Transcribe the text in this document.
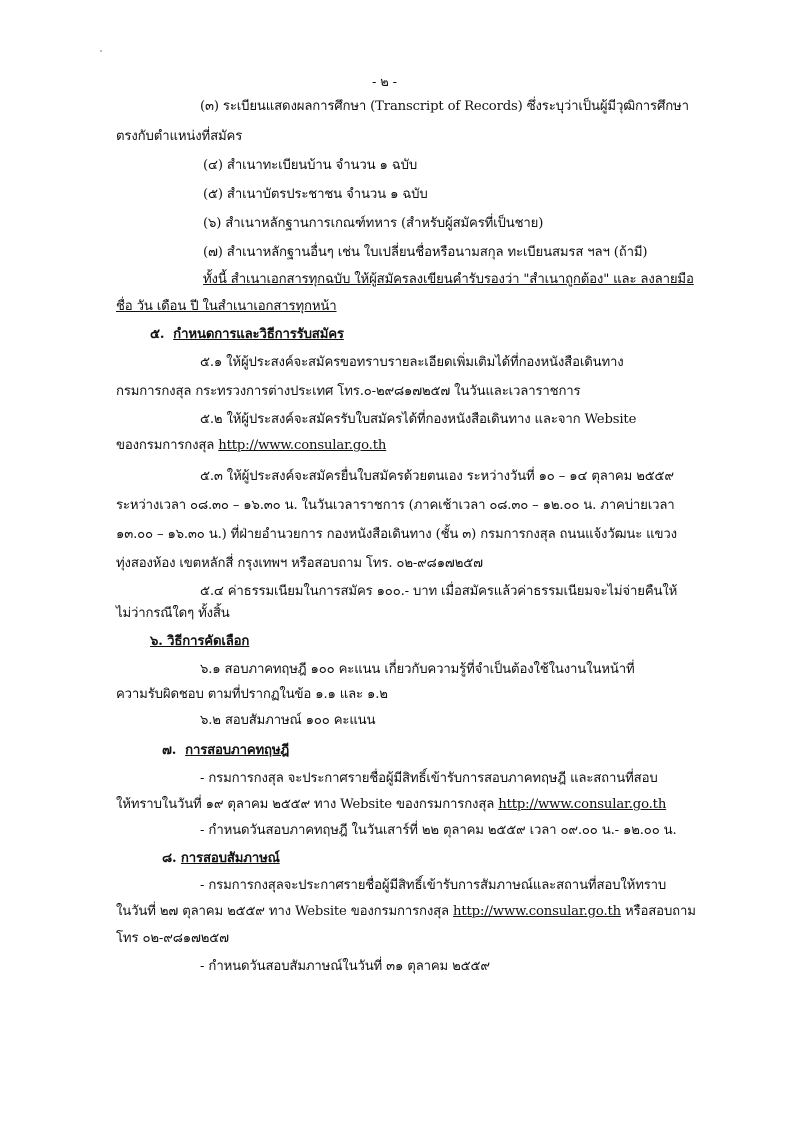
- ๒ -
(๓) ระเบียนแสดงผลการศึกษา (Transcript of Records) ซึ่งระบุว่าเป็นผู้มีวุฒิการศึกษา
ตรงกับตำแหน่งที่สมัคร
(๔) สำเนาทะเบียนบ้าน จำนวน ๑ ฉบับ
(๕) สำเนาบัตรประชาชน จำนวน ๑ ฉบับ
(๖) สำเนาหลักฐานการเกณฑ์ทหาร (สำหรับผู้สมัครที่เป็นชาย)
(๗) สำเนาหลักฐานอื่นๆ เช่น ใบเปลี่ยนชื่อหรือนามสกุล ทะเบียนสมรส ฯลฯ (ถ้ามี)
ทั้งนี้ สำเนาเอกสารทุกฉบับ ให้ผู้สมัครลงเขียนคำรับรองว่า "สำเนาถูกต้อง" และ ลงลายมือ
ชื่อ วัน เดือน ปี ในสำเนาเอกสารทุกหน้า
๕. กำหนดการและวิธีการรับสมัคร
๕.๑ ให้ผู้ประสงค์จะสมัครขอทราบรายละเอียดเพิ่มเติมได้ที่กองหนังสือเดินทาง
กรมการกงสุล กระทรวงการต่างประเทศ โทร.๐-๒๙๘๑๗๒๕๗ ในวันและเวลาราชการ
๕.๒ ให้ผู้ประสงค์จะสมัครรับใบสมัครได้ที่กองหนังสือเดินทาง และจาก Website
ของกรมการกงสุล http://www.consular.go.th
๕.๓ ให้ผู้ประสงค์จะสมัครยื่นใบสมัครด้วยตนเอง ระหว่างวันที่ ๑๐ – ๑๔ ตุลาคม ๒๕๕๙
ระหว่างเวลา ๐๘.๓๐ – ๑๖.๓๐ น. ในวันเวลาราชการ (ภาคเช้าเวลา ๐๘.๓๐ – ๑๒.๐๐ น. ภาคบ่ายเวลา
๑๓.๐๐ – ๑๖.๓๐ น.) ที่ฝ่ายอำนวยการ กองหนังสือเดินทาง (ชั้น ๓) กรมการกงสุล ถนนแจ้งวัฒนะ แขวง
ทุ่งสองห้อง เขตหลักสี่ กรุงเทพฯ หรือสอบถาม โทร. ๐๒-๙๘๑๗๒๕๗
๕.๔ ค่าธรรมเนียมในการสมัคร ๑๐๐.- บาท เมื่อสมัครแล้วค่าธรรมเนียมจะไม่จ่ายคืนให้
ไม่ว่ากรณีใดๆ ทั้งสิ้น
๖. วิธีการคัดเลือก
๖.๑ สอบภาคทฤษฎี ๑๐๐ คะแนน เกี่ยวกับความรู้ที่จำเป็นต้องใช้ในงานในหน้าที่
ความรับผิดชอบ ตามที่ปรากฏในข้อ ๑.๑ และ ๑.๒
๖.๒ สอบสัมภาษณ์ ๑๐๐ คะแนน
๗. การสอบภาคทฤษฎี
- กรมการกงสุล จะประกาศรายชื่อผู้มีสิทธิ์เข้ารับการสอบภาคทฤษฎี และสถานที่สอบ
ให้ทราบในวันที่ ๑๙ ตุลาคม ๒๕๕๙ ทาง Website ของกรมการกงสุล http://www.consular.go.th
- กำหนดวันสอบภาคทฤษฎี ในวันเสาร์ที่ ๒๒ ตุลาคม ๒๕๕๙ เวลา ๐๙.๐๐ น.- ๑๒.๐๐ น.
๘. การสอบสัมภาษณ์
- กรมการกงสุลจะประกาศรายชื่อผู้มีสิทธิ์เข้ารับการสัมภาษณ์และสถานที่สอบให้ทราบ
ในวันที่ ๒๗ ตุลาคม ๒๕๕๙ ทาง Website ของกรมการกงสุล http://www.consular.go.th หรือสอบถาม
โทร ๐๒-๙๘๑๗๒๕๗
- กำหนดวันสอบสัมภาษณ์ในวันที่ ๓๑ ตุลาคม ๒๕๕๙
